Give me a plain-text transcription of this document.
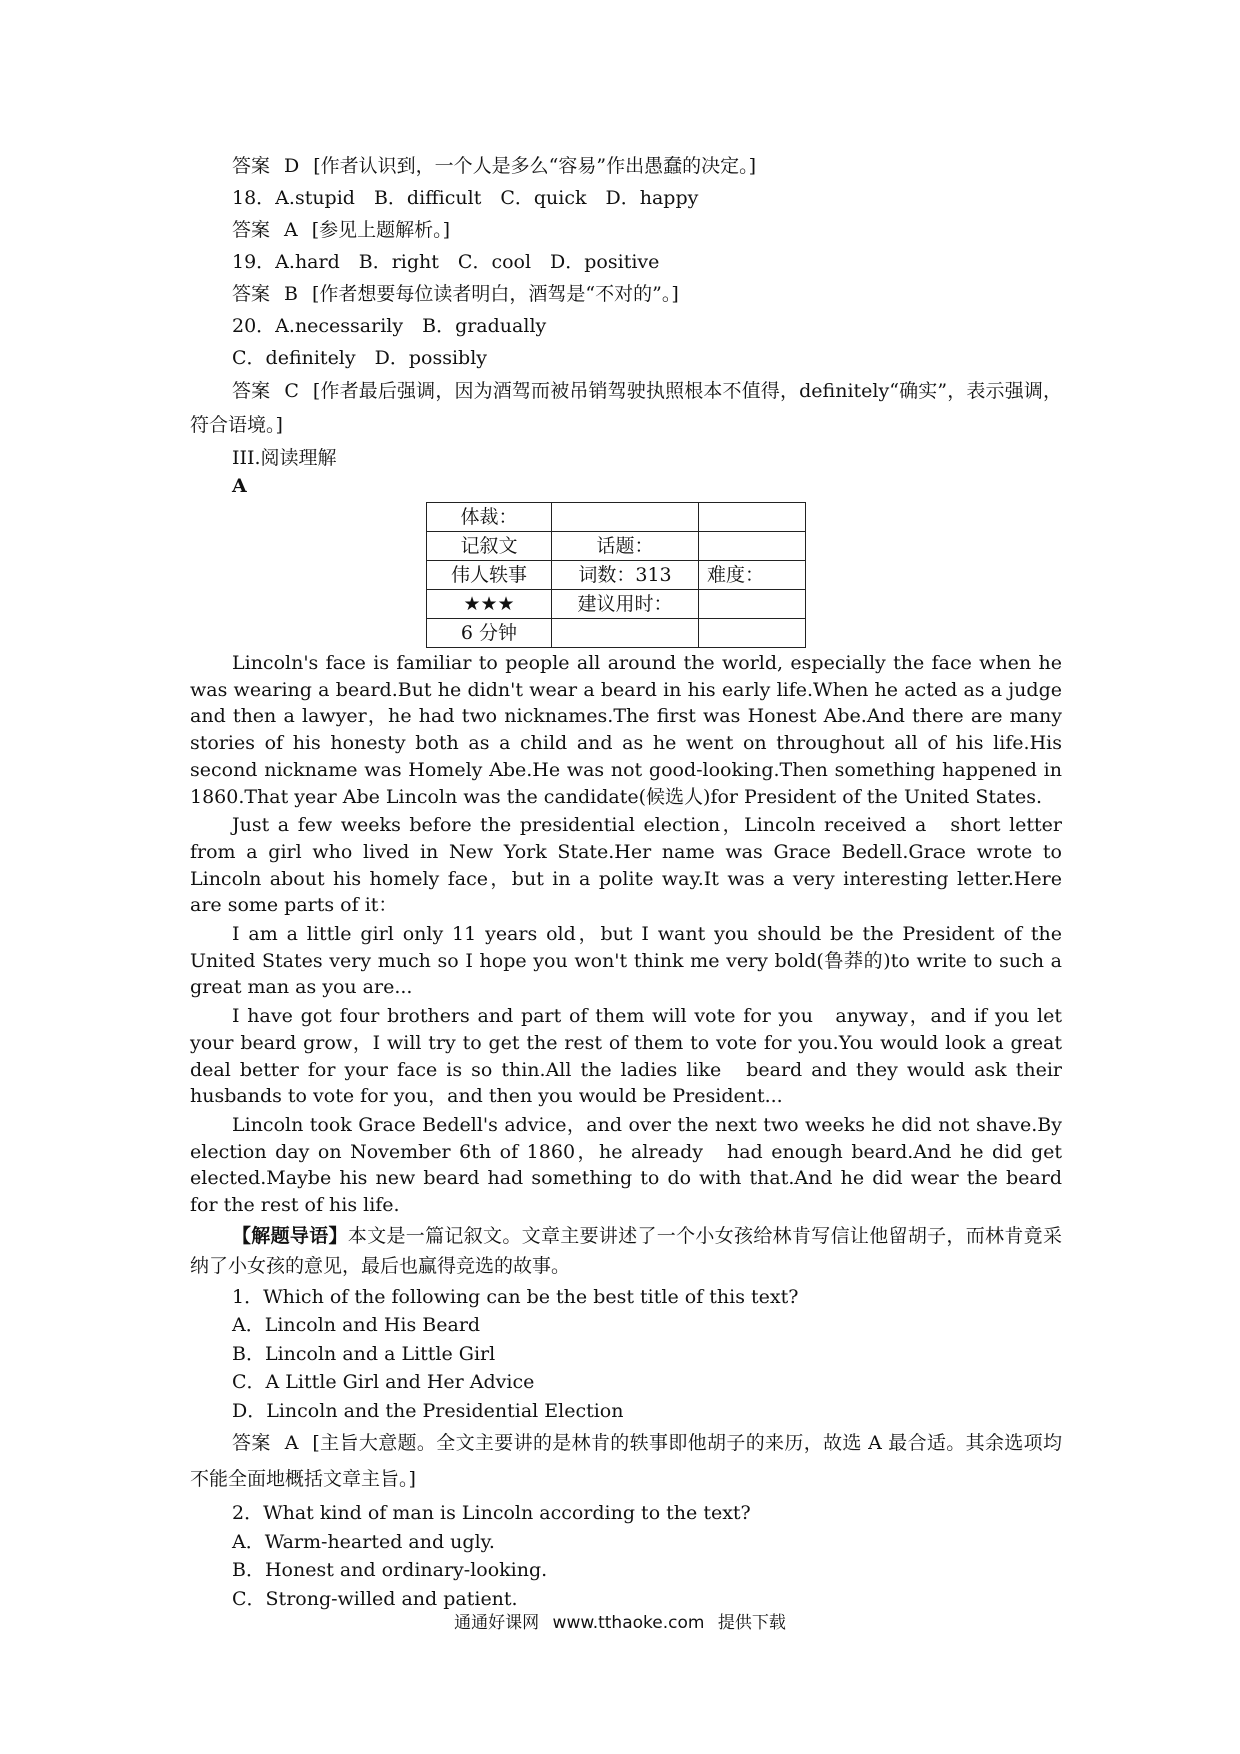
答案 D [作者认识到，一个人是多么“容易”作出愚蠢的决定。]
18．A.stupid　B．difficult　C．quick　D．happy
答案 A [参见上题解析。]
19．A.hard　B．right　C．cool　D．positive
答案 B [作者想要每位读者明白，酒驾是“不对的”。]
20．A.necessarily　B．gradually
C．definitely　D．possibly
答案 C [作者最后强调，因为酒驾而被吊销驾驶执照根本不值得，definitely“确实”，表示强调，符合语境。]
III.阅读理解
A
体裁：		
记叙文	话题：	
伟人轶事	词数：313	难度：
★★★	建议用时：	
6 分钟		

Lincoln's face is familiar to people all around the world, especially the face when he was wearing a beard.But he didn't wear a beard in his early life.When he acted as a judge and then a lawyer，he had two nicknames.The first was Honest Abe.And there are many stories of his honesty both as a child and as he went on throughout all of his life.His second nickname was Homely Abe.He was not good-looking.Then something happened in 1860.That year Abe Lincoln was the candidate(候选人)for President of the United States.

Just a few weeks before the presidential election，Lincoln received a　short letter from a girl who lived in New York State.Her name was Grace Bedell.Grace wrote to Lincoln about his homely face，but in a polite way.It was a very interesting letter.Here are some parts of it：

I am a little girl only 11 years old，but I want you should be the President of the United States very much so I hope you won't think me very bold(鲁莽的)to write to such a great man as you are...

I have got four brothers and part of them will vote for you　anyway，and if you let your beard grow，I will try to get the rest of them to vote for you.You would look a great deal better for your face is so thin.All the ladies like　beard and they would ask their husbands to vote for you，and then you would be President...

Lincoln took Grace Bedell's advice，and over the next two weeks he did not shave.By election day on November 6th of 1860，he already　had enough beard.And he did get elected.Maybe his new beard had something to do with that.And he did wear the beard for the rest of his life.

【解题导语】本文是一篇记叙文。文章主要讲述了一个小女孩给林肯写信让他留胡子，而林肯竟采纳了小女孩的意见，最后也赢得竞选的故事。

1．Which of the following can be the best title of this text?
A．Lincoln and His Beard
B．Lincoln and a Little Girl
C．A Little Girl and Her Advice
D．Lincoln and the Presidential Election

答案 A [主旨大意题。全文主要讲的是林肯的轶事即他胡子的来历，故选 A 最合适。其余选项均不能全面地概括文章主旨。]

2．What kind of man is Lincoln according to the text?
A．Warm-hearted and ugly.
B．Honest and ordinary-looking.
C．Strong-willed and patient.
通通好课网 www.tthaoke.com 提供下载
